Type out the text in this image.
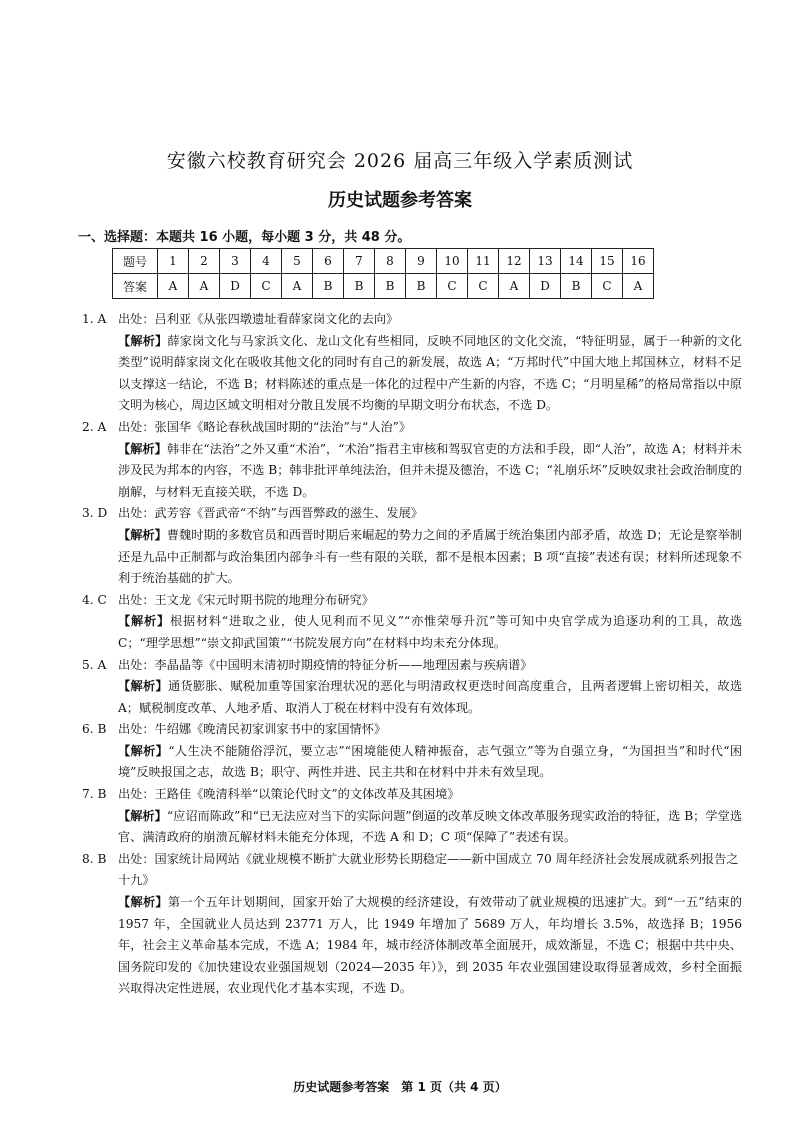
安徽六校教育研究会 2026 届高三年级入学素质测试
历史试题参考答案
一、选择题：本题共 16 小题，每小题 3 分，共 48 分。
题号	1	2	3	4	5	6	7	8	9	10	11	12	13	14	15	16
答案	A	A	D	C	A	B	B	B	B	C	C	A	D	B	C	A
1. A 出处：吕利亚《从张四墩遗址看薛家岗文化的去向》
【解析】薛家岗文化与马家浜文化、龙山文化有些相同，反映不同地区的文化交流，“特征明显，属于一种新的文化类型”说明薛家岗文化在吸收其他文化的同时有自己的新发展，故选 A；“万邦时代”中国大地上邦国林立，材料不足以支撑这一结论，不选 B；材料陈述的重点是一体化的过程中产生新的内容，不选 C；“月明星稀”的格局常指以中原文明为核心，周边区域文明相对分散且发展不均衡的早期文明分布状态，不选 D。
2. A 出处：张国华《略论春秋战国时期的“法治”与“人治”》
【解析】韩非在“法治”之外又重“术治”，“术治”指君主审核和驾驭官吏的方法和手段，即“人治”，故选 A；材料并未涉及民为邦本的内容，不选 B；韩非批评单纯法治，但并未提及德治，不选 C；“礼崩乐坏”反映奴隶社会政治制度的崩解，与材料无直接关联，不选 D。
3. D 出处：武芳容《晋武帝“不纳”与西晋弊政的滋生、发展》
【解析】曹魏时期的多数官员和西晋时期后来崛起的势力之间的矛盾属于统治集团内部矛盾，故选 D；无论是察举制还是九品中正制都与政治集团内部争斗有一些有限的关联，都不是根本因素；B 项“直接”表述有误；材料所述现象不利于统治基础的扩大。
4. C 出处：王文龙《宋元时期书院的地理分布研究》
【解析】根据材料“进取之业，使人见利而不见义”“亦惟荣辱升沉”等可知中央官学成为追逐功利的工具，故选 C；“理学思想”“崇文抑武国策”“书院发展方向”在材料中均未充分体现。
5. A 出处：李晶晶等《中国明末清初时期疫情的特征分析——地理因素与疾病谱》
【解析】通货膨胀、赋税加重等国家治理状况的恶化与明清政权更迭时间高度重合，且两者逻辑上密切相关，故选 A；赋税制度改革、人地矛盾、取消人丁税在材料中没有有效体现。
6. B 出处：牛绍娜《晚清民初家训家书中的家国情怀》
【解析】“人生决不能随俗浮沉，要立志”“困境能使人精神振奋，志气强立”等为自强立身，“为国担当”和时代“困境”反映报国之志，故选 B；职守、两性并进、民主共和在材料中并未有效呈现。
7. B 出处：王路佳《晚清科举“以策论代时文”的文体改革及其困境》
【解析】“应诏而陈政”和“已无法应对当下的实际问题”倒逼的改革反映文体改革服务现实政治的特征，选 B；学堂选官、满清政府的崩溃瓦解材料未能充分体现，不选 A 和 D；C 项“保障了”表述有误。
8. B 出处：国家统计局网站《就业规模不断扩大就业形势长期稳定——新中国成立 70 周年经济社会发展成就系列报告之十九》
【解析】第一个五年计划期间，国家开始了大规模的经济建设，有效带动了就业规模的迅速扩大。到“一五”结束的 1957 年，全国就业人员达到 23771 万人，比 1949 年增加了 5689 万人，年均增长 3.5%，故选择 B；1956 年，社会主义革命基本完成，不选 A；1984 年，城市经济体制改革全面展开，成效渐显，不选 C；根据中共中央、国务院印发的《加快建设农业强国规划（2024—2035 年）》，到 2035 年农业强国建设取得显著成效，乡村全面振兴取得决定性进展，农业现代化才基本实现，不选 D。
历史试题参考答案　第 1 页（共 4 页）
